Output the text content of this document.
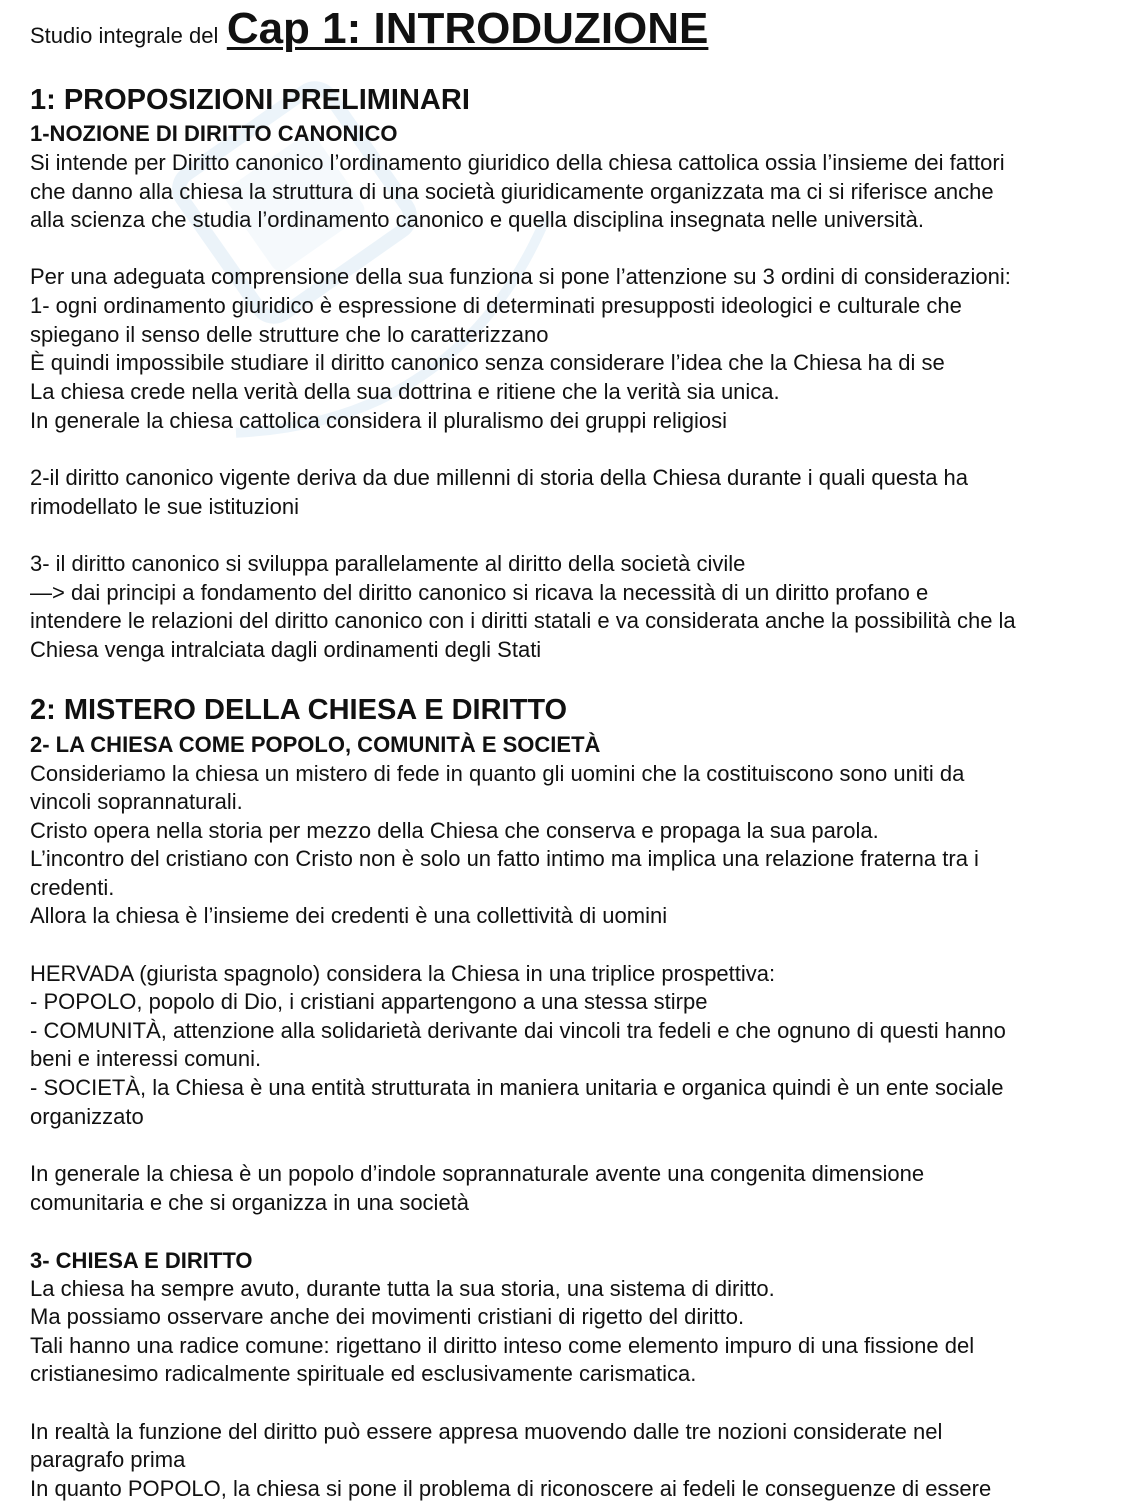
Studio integrale del Cap 1: INTRODUZIONE
1: PROPOSIZIONI PRELIMINARI
1-NOZIONE DI DIRITTO CANONICO
Si intende per Diritto canonico l’ordinamento giuridico della chiesa cattolica ossia l’insieme dei fattori
che danno alla chiesa la struttura di una società giuridicamente organizzata ma ci si riferisce anche
alla scienza che studia l’ordinamento canonico e quella disciplina insegnata nelle università.
Per una adeguata comprensione della sua funziona si pone l’attenzione su 3 ordini di considerazioni:
1- ogni ordinamento giuridico è espressione di determinati presupposti ideologici e culturale che
spiegano il senso delle strutture che lo caratterizzano
È quindi impossibile studiare il diritto canonico senza considerare l’idea che la Chiesa ha di se
La chiesa crede nella verità della sua dottrina e ritiene che la verità sia unica.
In generale la chiesa cattolica considera il pluralismo dei gruppi religiosi
2-il diritto canonico vigente deriva da due millenni di storia della Chiesa durante i quali questa ha
rimodellato le sue istituzioni
3- il diritto canonico si sviluppa parallelamente al diritto della società civile
—> dai principi a fondamento del diritto canonico si ricava la necessità di un diritto profano e
intendere le relazioni del diritto canonico con i diritti statali e va considerata anche la possibilità che la
Chiesa venga intralciata dagli ordinamenti degli Stati
2: MISTERO DELLA CHIESA E DIRITTO
2- LA CHIESA COME POPOLO, COMUNITÀ E SOCIETÀ
Consideriamo la chiesa un mistero di fede in quanto gli uomini che la costituiscono sono uniti da
vincoli soprannaturali.
Cristo opera nella storia per mezzo della Chiesa che conserva e propaga la sua parola.
L’incontro del cristiano con Cristo non è solo un fatto intimo ma implica una relazione fraterna tra i
credenti.
Allora la chiesa è l’insieme dei credenti è una collettività di uomini
HERVADA (giurista spagnolo) considera la Chiesa in una triplice prospettiva:
- POPOLO, popolo di Dio, i cristiani appartengono a una stessa stirpe
- COMUNITÀ, attenzione alla solidarietà derivante dai vincoli tra fedeli e che ognuno di questi hanno
beni e interessi comuni.
- SOCIETÀ, la Chiesa è una entità strutturata in maniera unitaria e organica quindi è un ente sociale
organizzato
In generale la chiesa è un popolo d’indole soprannaturale avente una congenita dimensione
comunitaria e che si organizza in una società
3- CHIESA E DIRITTO
La chiesa ha sempre avuto, durante tutta la sua storia, una sistema di diritto.
Ma possiamo osservare anche dei movimenti cristiani di rigetto del diritto.
Tali hanno una radice comune: rigettano il diritto inteso come elemento impuro di una fissione del
cristianesimo radicalmente spirituale ed esclusivamente carismatica.
In realtà la funzione del diritto può essere appresa muovendo dalle tre nozioni considerate nel
paragrafo prima
In quanto POPOLO, la chiesa si pone il problema di riconoscere ai fedeli le conseguenze di essere
